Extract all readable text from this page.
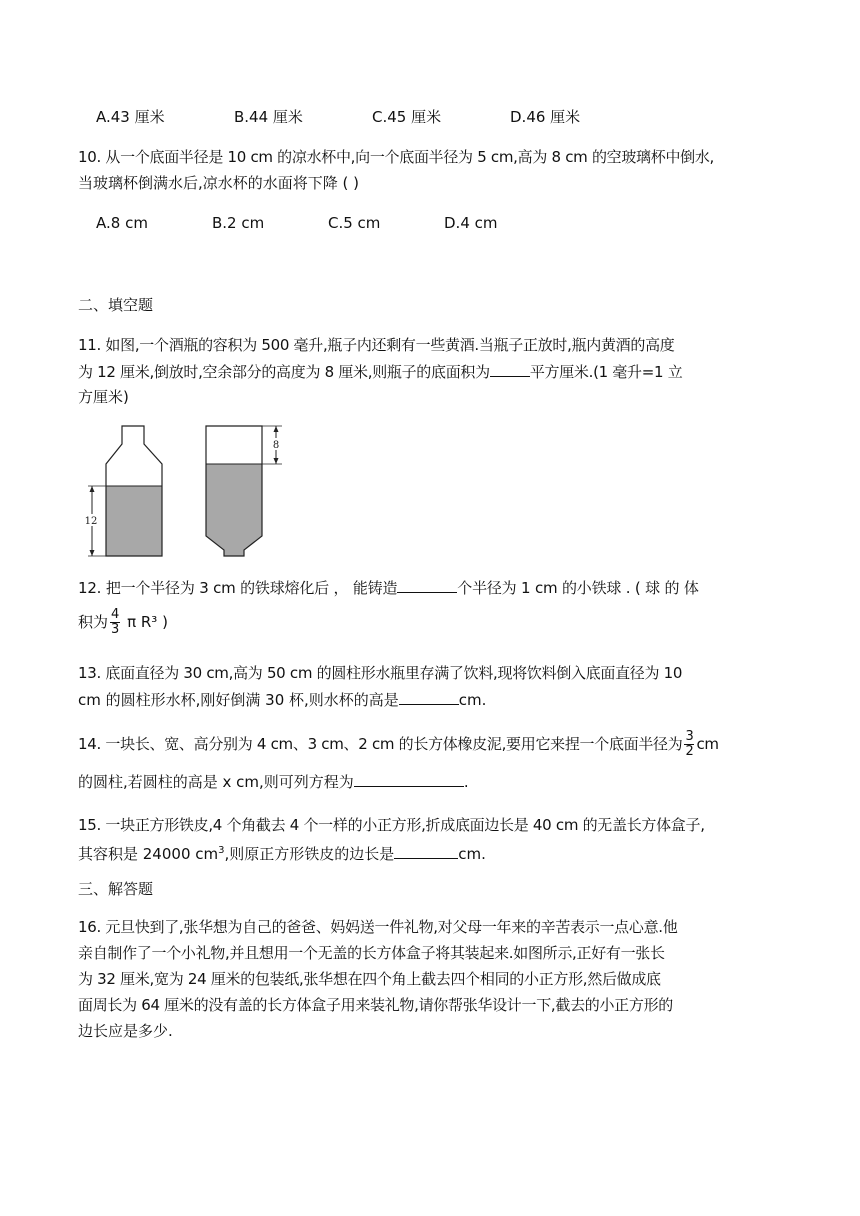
A.43 厘米	B.44 厘米	C.45 厘米	D.46 厘米
10. 从一个底面半径是 10 cm 的凉水杯中,向一个底面半径为 5 cm,高为 8 cm 的空玻璃杯中倒水,
当玻璃杯倒满水后,凉水杯的水面将下降 ( )
A.8 cm	B.2 cm	C.5 cm	D.4 cm
二、填空题
11. 如图,一个酒瓶的容积为 500 毫升,瓶子内还剩有一些黄酒.当瓶子正放时,瓶内黄酒的高度
为 12 厘米,倒放时,空余部分的高度为 8 厘米,则瓶子的底面积为	平方厘米.(1 毫升=1 立
方厘米)
12
8
12. 把一个半径为 3 cm 的铁球熔化后 ， 能铸造	个半径为 1 cm 的小铁球 . ( 球 的 体
积为 $\frac{4}{3}$ π R³ )
13. 底面直径为 30 cm,高为 50 cm 的圆柱形水瓶里存满了饮料,现将饮料倒入底面直径为 10
cm 的圆柱形水杯,刚好倒满 30 杯,则水杯的高是	cm.
14. 一块长、宽、高分别为 4 cm、3 cm、2 cm 的长方体橡皮泥,要用它来捏一个底面半径为 $\frac{3}{2}$ cm
的圆柱,若圆柱的高是 x cm,则可列方程为	.
15. 一块正方形铁皮,4 个角截去 4 个一样的小正方形,折成底面边长是 40 cm 的无盖长方体盒子,
其容积是 24000 $cm^3$,则原正方形铁皮的边长是	cm.
三、解答题
16. 元旦快到了,张华想为自己的爸爸、妈妈送一件礼物,对父母一年来的辛苦表示一点心意.他
亲自制作了一个小礼物,并且想用一个无盖的长方体盒子将其装起来.如图所示,正好有一张长
为 32 厘米,宽为 24 厘米的包装纸,张华想在四个角上截去四个相同的小正方形,然后做成底
面周长为 64 厘米的没有盖的长方体盒子用来装礼物,请你帮张华设计一下,截去的小正方形的
边长应是多少.
